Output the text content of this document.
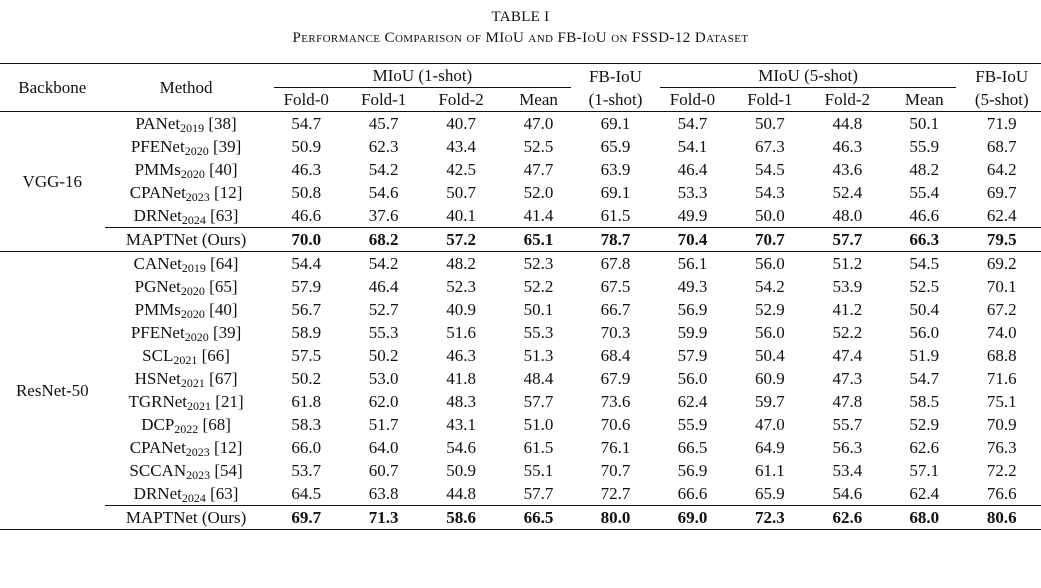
TABLE I
Performance Comparison of MIoU and FB-IoU on FSSD-12 Dataset
Backbone	Method	MIoU (1-shot)				FB-IoU	MIoU (5-shot)				FB-IoU
		Fold-0	Fold-1	Fold-2	Mean	(1-shot)	Fold-0	Fold-1	Fold-2	Mean	(5-shot)
VGG-16	PANet$_{2019}$ [38]	54.7	45.7	40.7	47.0	69.1	54.7	50.7	44.8	50.1	71.9
	PFENet$_{2020}$ [39]	50.9	62.3	43.4	52.5	65.9	54.1	67.3	46.3	55.9	68.7
	PMMs$_{2020}$ [40]	46.3	54.2	42.5	47.7	63.9	46.4	54.5	43.6	48.2	64.2
	CPANet$_{2023}$ [12]	50.8	54.6	50.7	52.0	69.1	53.3	54.3	52.4	55.4	69.7
	DRNet$_{2024}$ [63]	46.6	37.6	40.1	41.4	61.5	49.9	50.0	48.0	46.6	62.4
	MAPTNet (Ours)	70.0	68.2	57.2	65.1	78.7	70.4	70.7	57.7	66.3	79.5
ResNet-50	CANet$_{2019}$ [64]	54.4	54.2	48.2	52.3	67.8	56.1	56.0	51.2	54.5	69.2
	PGNet$_{2020}$ [65]	57.9	46.4	52.3	52.2	67.5	49.3	54.2	53.9	52.5	70.1
	PMMs$_{2020}$ [40]	56.7	52.7	40.9	50.1	66.7	56.9	52.9	41.2	50.4	67.2
	PFENet$_{2020}$ [39]	58.9	55.3	51.6	55.3	70.3	59.9	56.0	52.2	56.0	74.0
	$SCL_{2021}$ [66]	57.5	50.2	46.3	51.3	68.4	57.9	50.4	47.4	51.9	68.8
	HSNet$_{2021}$ [67]	50.2	53.0	41.8	48.4	67.9	56.0	60.9	47.3	54.7	71.6
	TGRNet$_{2021}$ [21]	61.8	62.0	48.3	57.7	73.6	62.4	59.7	47.8	58.5	75.1
	$DCP_{2022}$ [68]	58.3	51.7	43.1	51.0	70.6	55.9	47.0	55.7	52.9	70.9
	CPANet$_{2023}$ [12]	66.0	64.0	54.6	61.5	76.1	66.5	64.9	56.3	62.6	76.3
	$SCCAN_{2023}$ [54]	53.7	60.7	50.9	55.1	70.7	56.9	61.1	53.4	57.1	72.2
	DRNet$_{2024}$ [63]	64.5	63.8	44.8	57.7	72.7	66.6	65.9	54.6	62.4	76.6
	MAPTNet (Ours)	69.7	71.3	58.6	66.5	80.0	69.0	72.3	62.6	68.0	80.6
